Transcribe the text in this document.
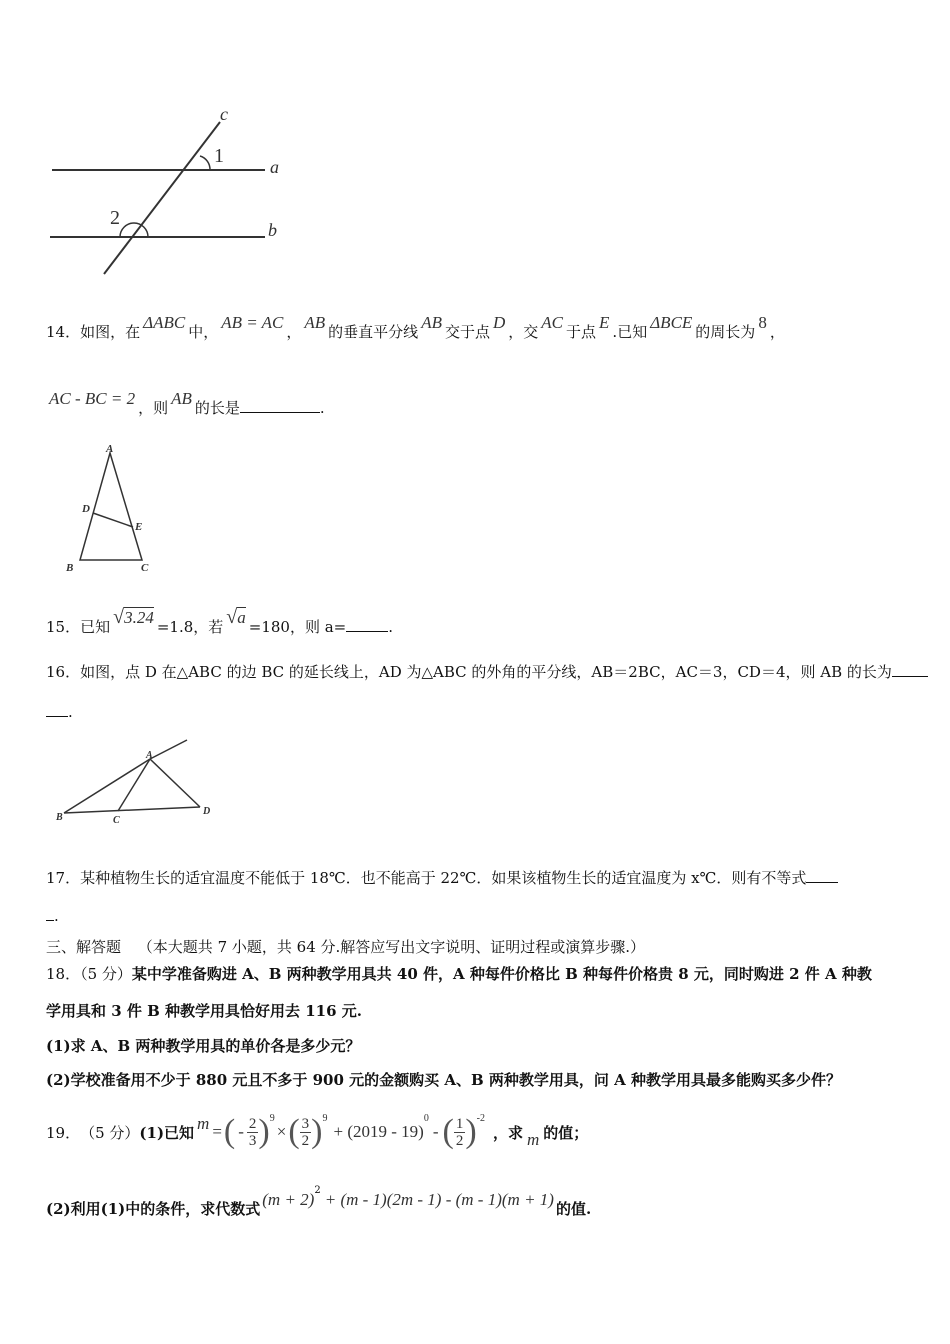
c
1	a
2
b
14．如图，在 ΔABC 中， AB = AC ， AB 的垂直平分线 AB 交于点 D ，交 AC 于点 E .已知 ΔBCE 的周长为 8 ，
AC - BC = 2 ，则 AB 的长是	.
A
D
E
B	C
15．已知 √3.24 =1.8，若 √a =180，则 a=	.
16．如图，点 D 在△ABC 的边 BC 的延长线上，AD 为△ABC 的外角的平分线，AB＝2BC，AC＝3，CD＝4，则 AB 的长为
.
A
B	C
D
17．某种植物生长的适宜温度不能低于 18℃．也不能高于 22℃．如果该植物生长的适宜温度为 x℃．则有不等式
.
三、解答题 （本大题共 7 小题，共 64 分.解答应写出文字说明、证明过程或演算步骤.）
18．（5 分）某中学准备购进 A、B 两种教学用具共 40 件，A 种每件价格比 B 种每件价格贵 8 元，同时购进 2 件 A 种教
学用具和 3 件 B 种教学用具恰好用去 116 元.
(1)求 A、B 两种教学用具的单价各是多少元？
(2)学校准备用不少于 880 元且不多于 900 元的金额购买 A、B 两种教学用具，问 A 种教学用具最多能购买多少件？
19． （5 分） (1)已知 m = ( - $\frac{2}{3}$ ) 9
× ( $\frac{3}{2}$ ) 9
+ (2019 - 19)
0
- ( $\frac{1}{2}$ ) -2
，求 m 的值；
(2)利用(1)中的条件，求代数式 (m + 2) 2 + (m - 1)(2m - 1) - (m - 1)(m + 1) 的值.
